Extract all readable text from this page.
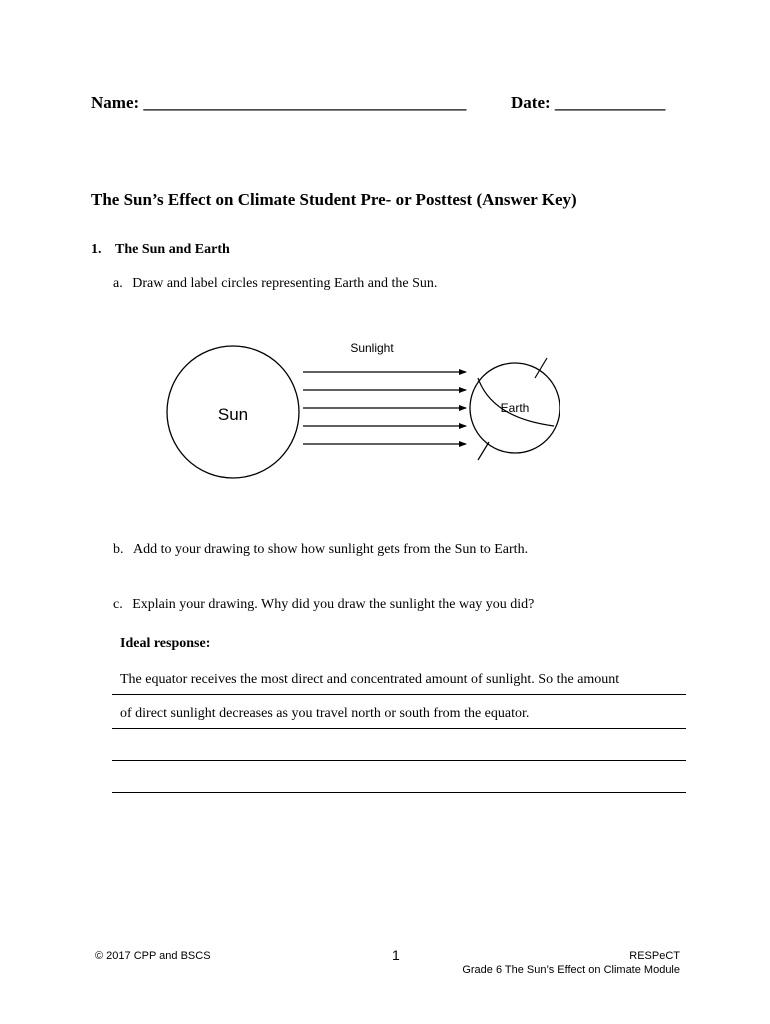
Name: ______________________________________	Date: _____________
The Sun’s Effect on Climate Student Pre- or Posttest (Answer Key)
1. The Sun and Earth
a. Draw and label circles representing Earth and the Sun.
Sun
Sunlight
Earth
b. Add to your drawing to show how sunlight gets from the Sun to Earth.
c. Explain your drawing. Why did you draw the sunlight the way you did?
Ideal response:
The equator receives the most direct and concentrated amount of sunlight. So the amount
of direct sunlight decreases as you travel north or south from the equator.
© 2017 CPP and BSCS	1	RESPeCT
Grade 6 The Sun’s Effect on Climate Module
